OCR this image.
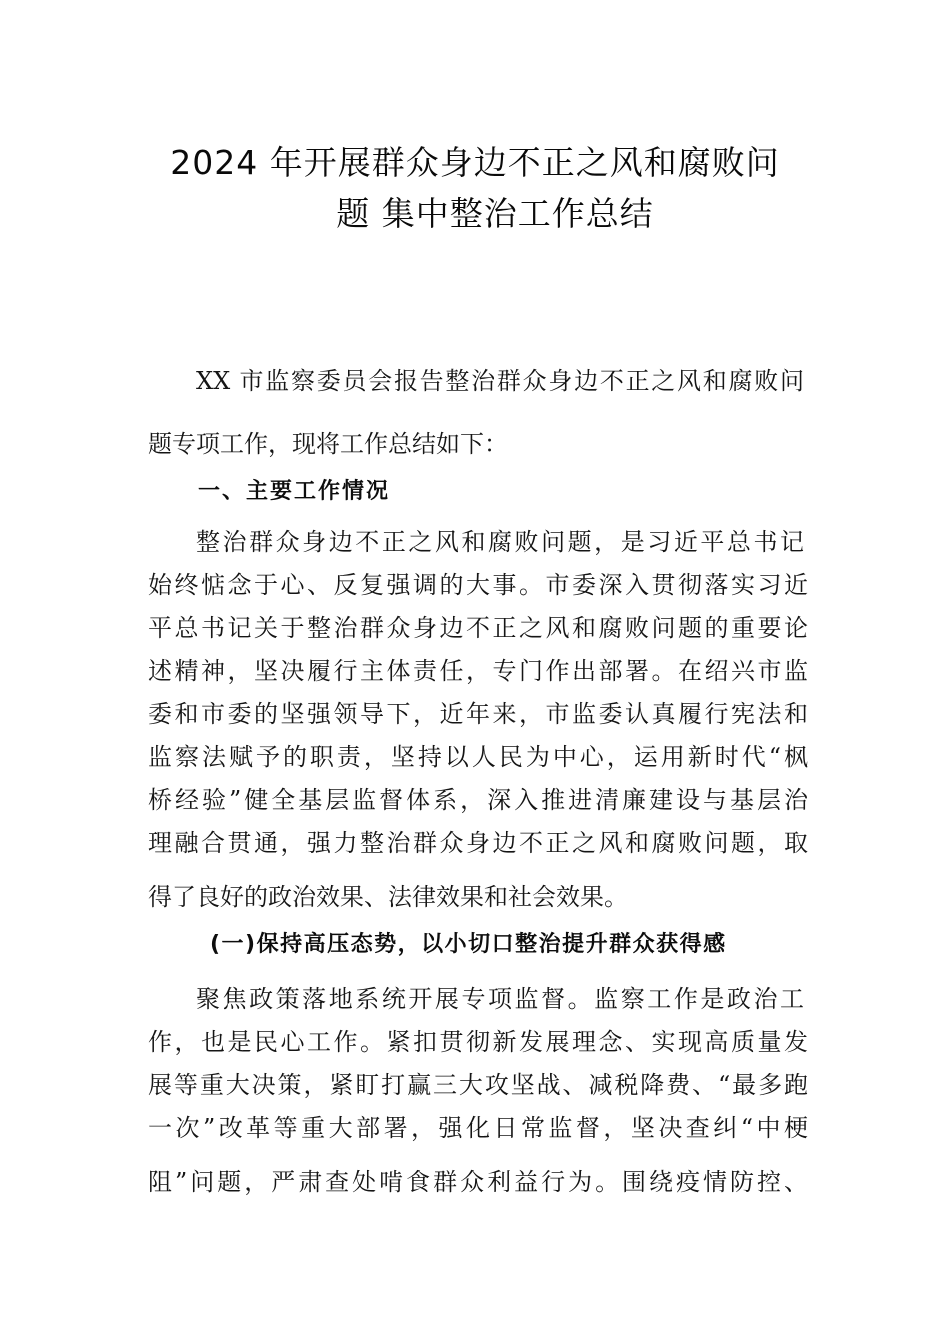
2024 年开展群众身边不正之风和腐败问
题 集中整治工作总结
XX 市监察委员会报告整治群众身边不正之风和腐败问
题专项工作，现将工作总结如下：
一、主要工作情况
整治群众身边不正之风和腐败问题，是习近平总书记
始终惦念于心、反复强调的大事。市委深入贯彻落实习近
平总书记关于整治群众身边不正之风和腐败问题的重要论
述精神，坚决履行主体责任，专门作出部署。在绍兴市监
委和市委的坚强领导下，近年来，市监委认真履行宪法和
监察法赋予的职责，坚持以人民为中心，运用新时代“枫
桥经验”健全基层监督体系，深入推进清廉建设与基层治
理融合贯通，强力整治群众身边不正之风和腐败问题，取
得了良好的政治效果、法律效果和社会效果。
(一)保持高压态势，以小切口整治提升群众获得感
聚焦政策落地系统开展专项监督。监察工作是政治工
作，也是民心工作。紧扣贯彻新发展理念、实现高质量发
展等重大决策，紧盯打赢三大攻坚战、减税降费、“最多跑
一次”改革等重大部署，强化日常监督，坚决查纠“中梗
阻”问题，严肃查处啃食群众利益行为。围绕疫情防控、
